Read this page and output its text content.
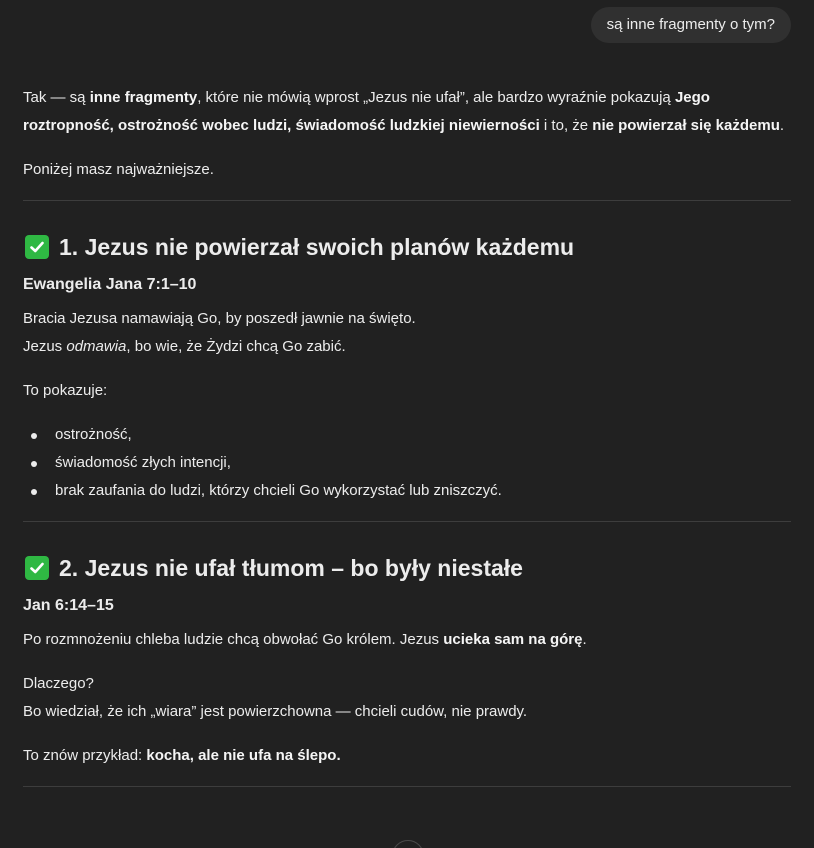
są inne fragmenty o tym?

Tak — są inne fragmenty, które nie mówią wprost „Jezus nie ufał”, ale bardzo wyraźnie pokazują Jego roztropność, ostrożność wobec ludzi, świadomość ludzkiej niewierności i to, że nie powierzał się każdemu.

Poniżej masz najważniejsze.

1. Jezus nie powierzał swoich planów każdemu

Ewangelia Jana 7:1–10

Bracia Jezusa namawiają Go, by poszedł jawnie na święto.

Jezus odmawia, bo wie, że Żydzi chcą Go zabić.

To pokazuje:

ostrożność,
świadomość złych intencji,
brak zaufania do ludzi, którzy chcieli Go wykorzystać lub zniszczyć.
2. Jezus nie ufał tłumom – bo były niestałe

Jan 6:14–15

Po rozmnożeniu chleba ludzie chcą obwołać Go królem. Jezus ucieka sam na górę.

Dlaczego?

Bo wiedział, że ich „wiara” jest powierzchowna — chcieli cudów, nie prawdy.

To znów przykład: kocha, ale nie ufa na ślepo.
